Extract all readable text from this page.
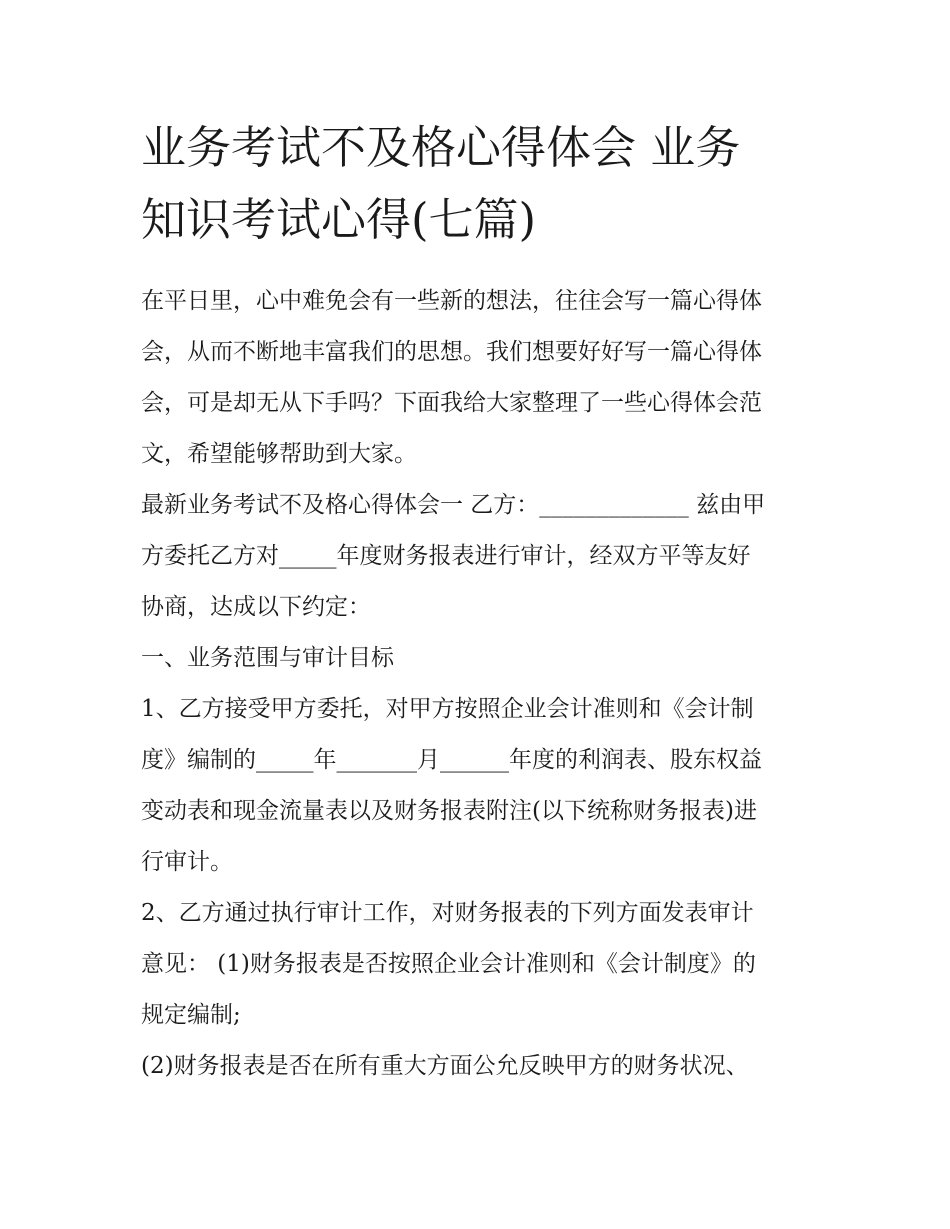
业务考试不及格心得体会 业务
知识考试心得(七篇)
在平日里，心中难免会有一些新的想法，往往会写一篇心得体
会，从而不断地丰富我们的思想。我们想要好好写一篇心得体
会，可是却无从下手吗？下面我给大家整理了一些心得体会范
文，希望能够帮助到大家。
最新业务考试不及格心得体会一 乙方：_____________ 兹由甲
方委托乙方对_____年度财务报表进行审计，经双方平等友好
协商，达成以下约定：
一、业务范围与审计目标
1、乙方接受甲方委托，对甲方按照企业会计准则和《会计制
度》编制的_____年_______月______年度的利润表、股东权益
变动表和现金流量表以及财务报表附注(以下统称财务报表)进
行审计。
2、乙方通过执行审计工作，对财务报表的下列方面发表审计
意见： (1)财务报表是否按照企业会计准则和《会计制度》的
规定编制;
(2)财务报表是否在所有重大方面公允反映甲方的财务状况、
